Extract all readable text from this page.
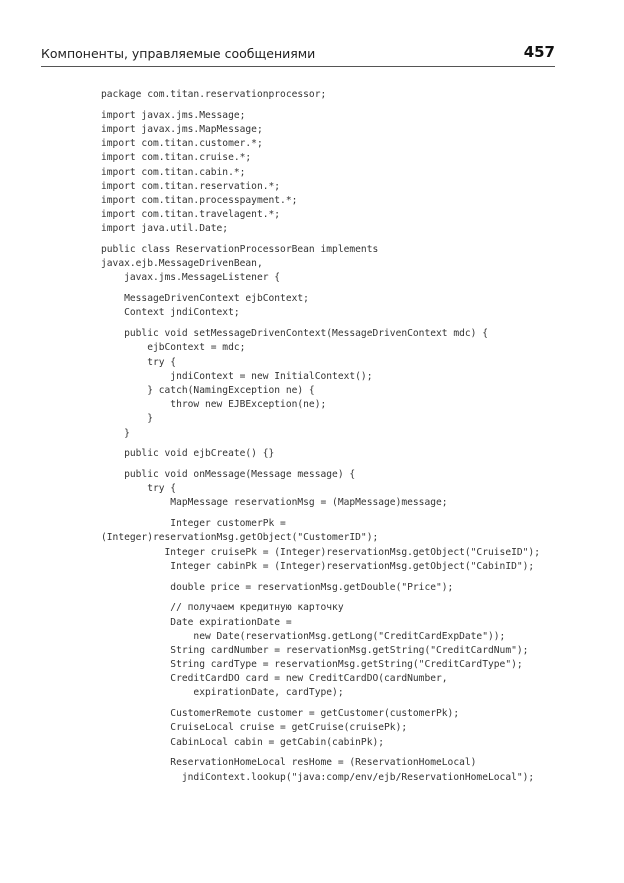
Компоненты, управляемые сообщениями	457
package com.titan.reservationprocessor;
import javax.jms.Message;
import javax.jms.MapMessage;
import com.titan.customer.*;
import com.titan.cruise.*;
import com.titan.cabin.*;
import com.titan.reservation.*;
import com.titan.processpayment.*;
import com.titan.travelagent.*;
import java.util.Date;
public class ReservationProcessorBean implements
javax.ejb.MessageDrivenBean,
javax.jms.MessageListener {
MessageDrivenContext ejbContext;
Context jndiContext;
public void setMessageDrivenContext(MessageDrivenContext mdc) {
ejbContext = mdc;
try {
jndiContext = new InitialContext();
} catch(NamingException ne) {
throw new EJBException(ne);
}
}
public void ejbCreate() {}
public void onMessage(Message message) {
try {
MapMessage reservationMsg = (MapMessage)message;
Integer customerPk =
(Integer)reservationMsg.getObject("CustomerID");
Integer cruisePk = (Integer)reservationMsg.getObject("CruiseID");
Integer cabinPk = (Integer)reservationMsg.getObject("CabinID");
double price = reservationMsg.getDouble("Price");
// получаем кредитную карточку
Date expirationDate =
new Date(reservationMsg.getLong("CreditCardExpDate"));
String cardNumber = reservationMsg.getString("CreditCardNum");
String cardType = reservationMsg.getString("CreditCardType");
CreditCardDO card = new CreditCardDO(cardNumber,
expirationDate, cardType);
CustomerRemote customer = getCustomer(customerPk);
CruiseLocal cruise = getCruise(cruisePk);
CabinLocal cabin = getCabin(cabinPk);
ReservationHomeLocal resHome = (ReservationHomeLocal)
jndiContext.lookup("java:comp/env/ejb/ReservationHomeLocal");
